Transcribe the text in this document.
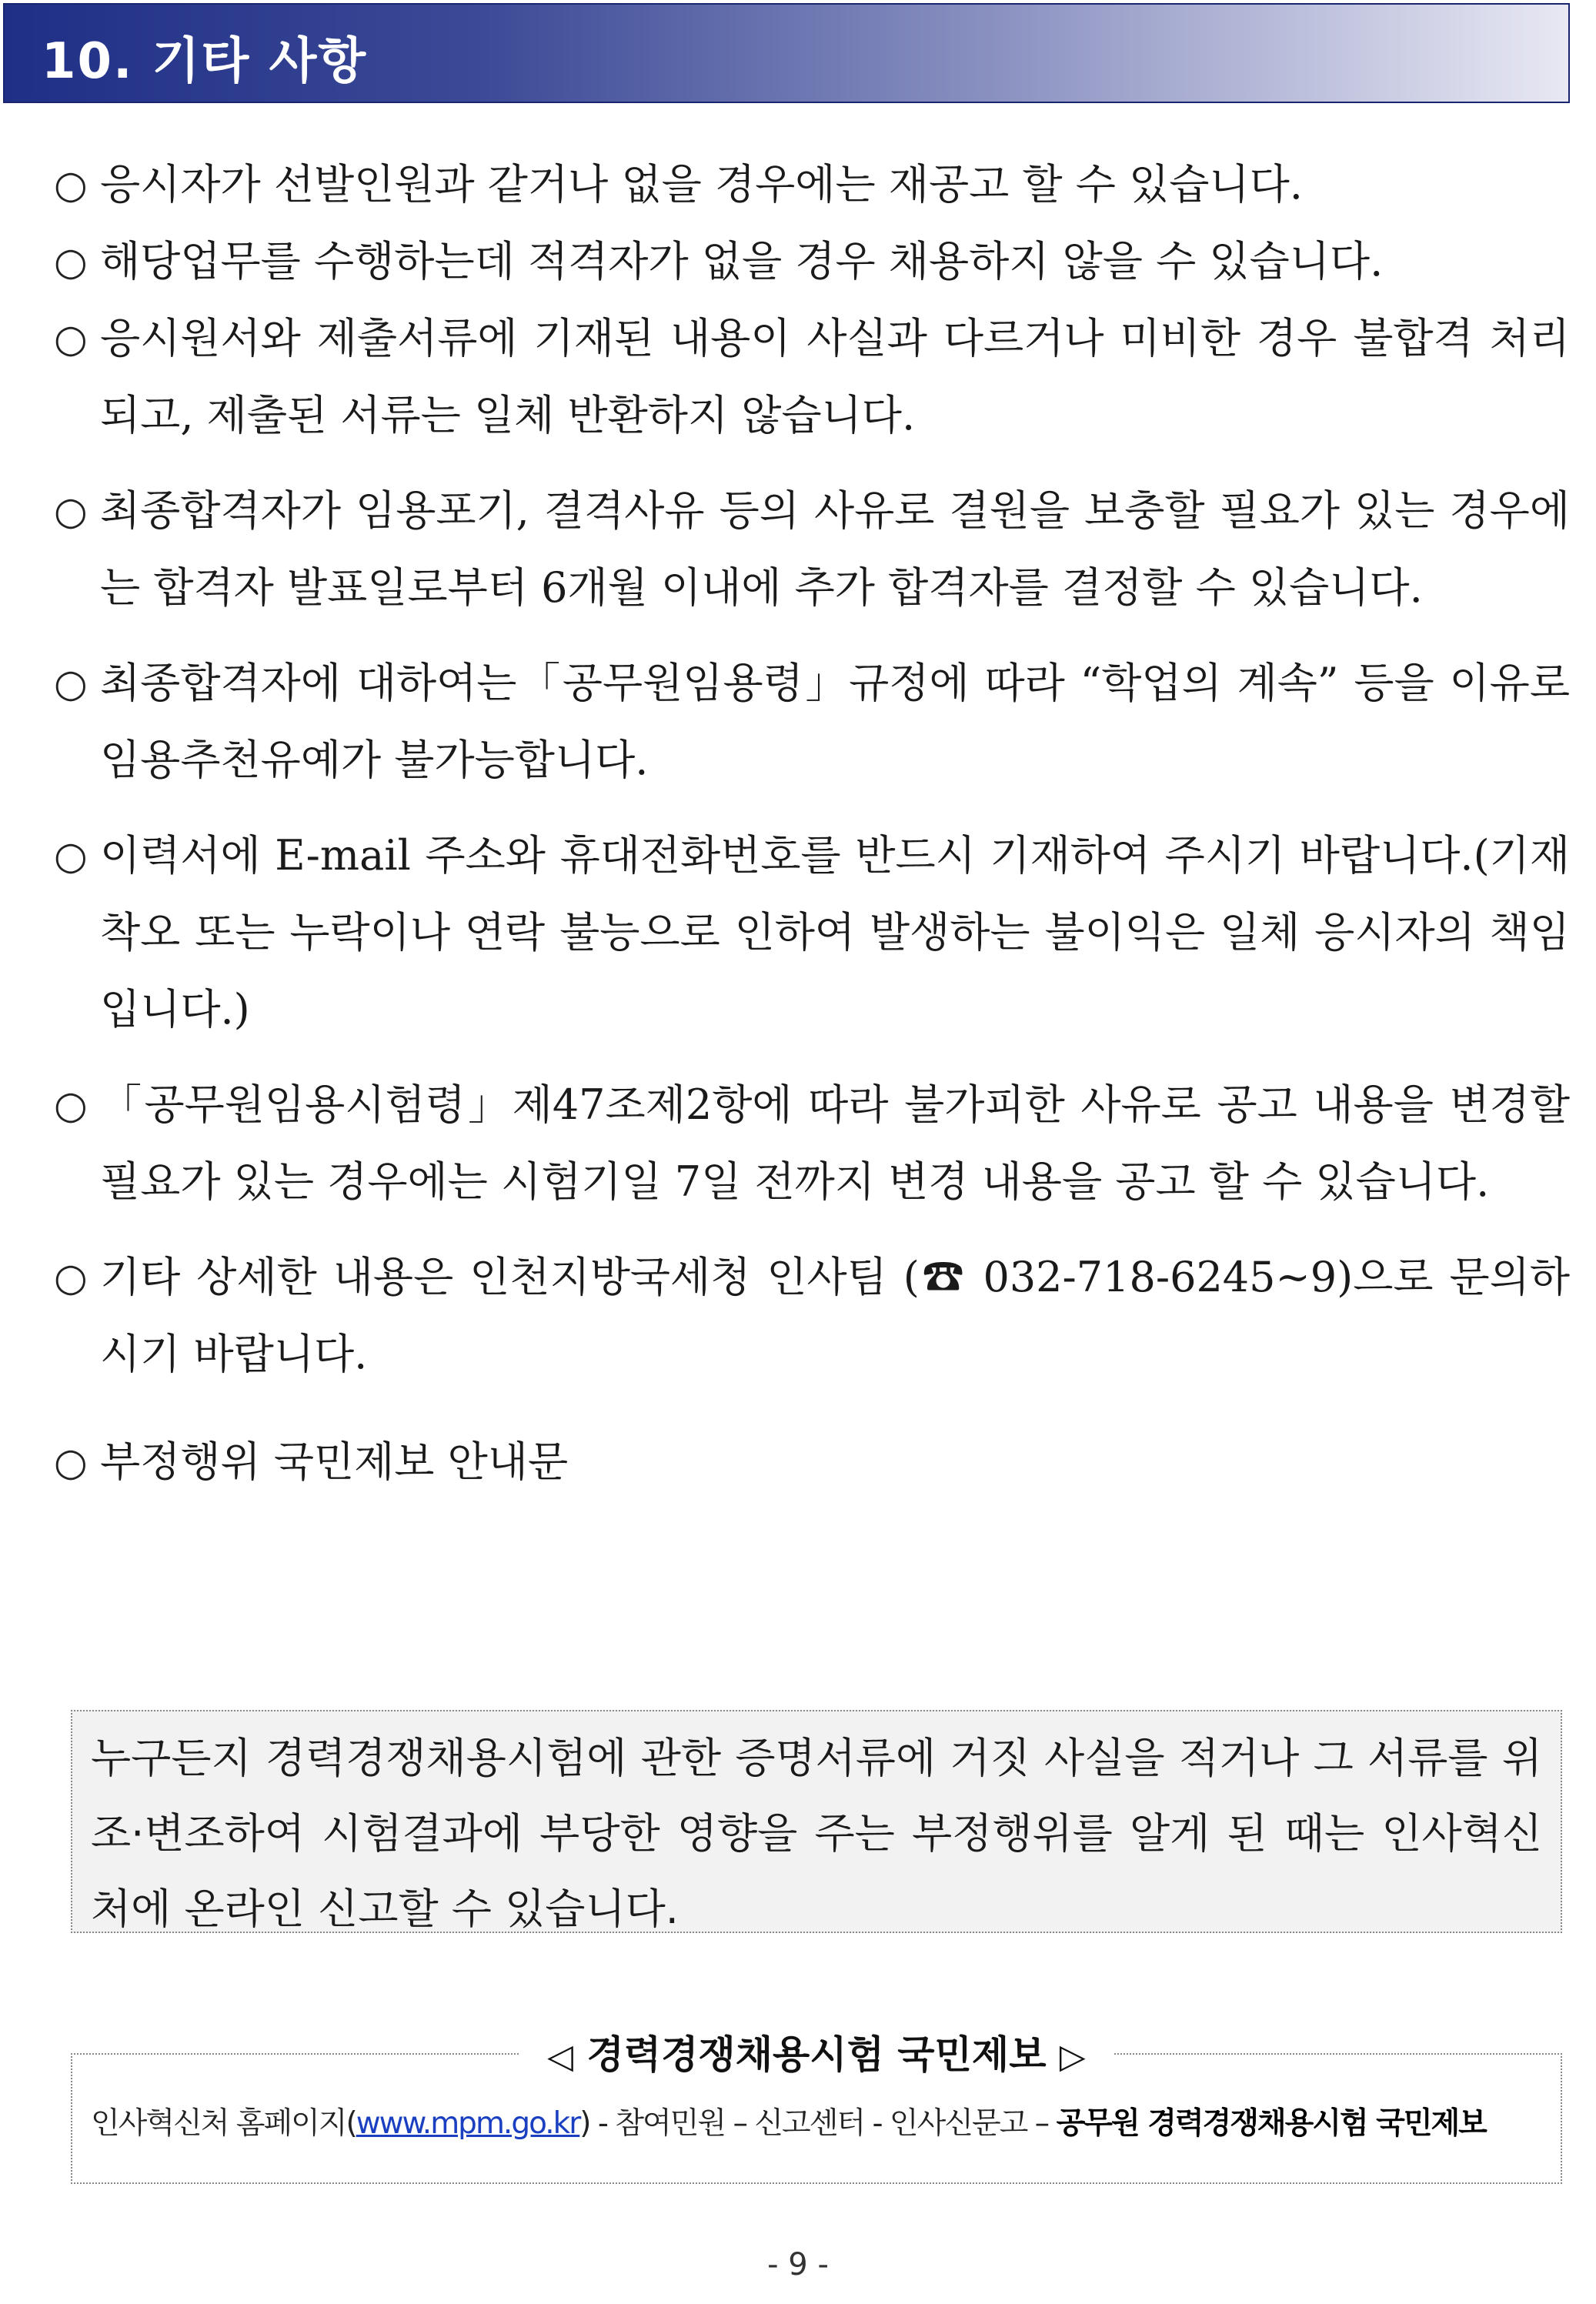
10. 기타 사항
○ 응시자가 선발인원과 같거나 없을 경우에는 재공고 할 수 있습니다.
○ 해당업무를 수행하는데 적격자가 없을 경우 채용하지 않을 수 있습니다.
○ 응시원서와 제출서류에 기재된 내용이 사실과 다르거나 미비한 경우 불합격 처리되고, 제출된 서류는 일체 반환하지 않습니다.
○ 최종합격자가 임용포기, 결격사유 등의 사유로 결원을 보충할 필요가 있는 경우에는 합격자 발표일로부터 6개월 이내에 추가 합격자를 결정할 수 있습니다.
○ 최종합격자에 대하여는「공무원임용령」규정에 따라 “학업의 계속” 등을 이유로 임용추천유예가 불가능합니다.
○ 이력서에 E-mail 주소와 휴대전화번호를 반드시 기재하여 주시기 바랍니다.(기재착오 또는 누락이나 연락 불능으로 인하여 발생하는 불이익은 일체 응시자의 책임입니다.)
○ 「공무원임용시험령」제47조제2항에 따라 불가피한 사유로 공고 내용을 변경할 필요가 있는 경우에는 시험기일 7일 전까지 변경 내용을 공고 할 수 있습니다.
○ 기타 상세한 내용은 인천지방국세청 인사팀 (☎ 032-718-6245~9)으로 문의하시기 바랍니다.
○ 부정행위 국민제보 안내문
누구든지 경력경쟁채용시험에 관한 증명서류에 거짓 사실을 적거나 그 서류를 위조·변조하여 시험결과에 부당한 영향을 주는 부정행위를 알게 된 때는 인사혁신처에 온라인 신고할 수 있습니다.
◁ 경력경쟁채용시험 국민제보 ▷
인사혁신처 홈페이지(www.mpm.go.kr) - 참여민원 – 신고센터 - 인사신문고 – 공무원 경력경쟁채용시험 국민제보
- 9 -
